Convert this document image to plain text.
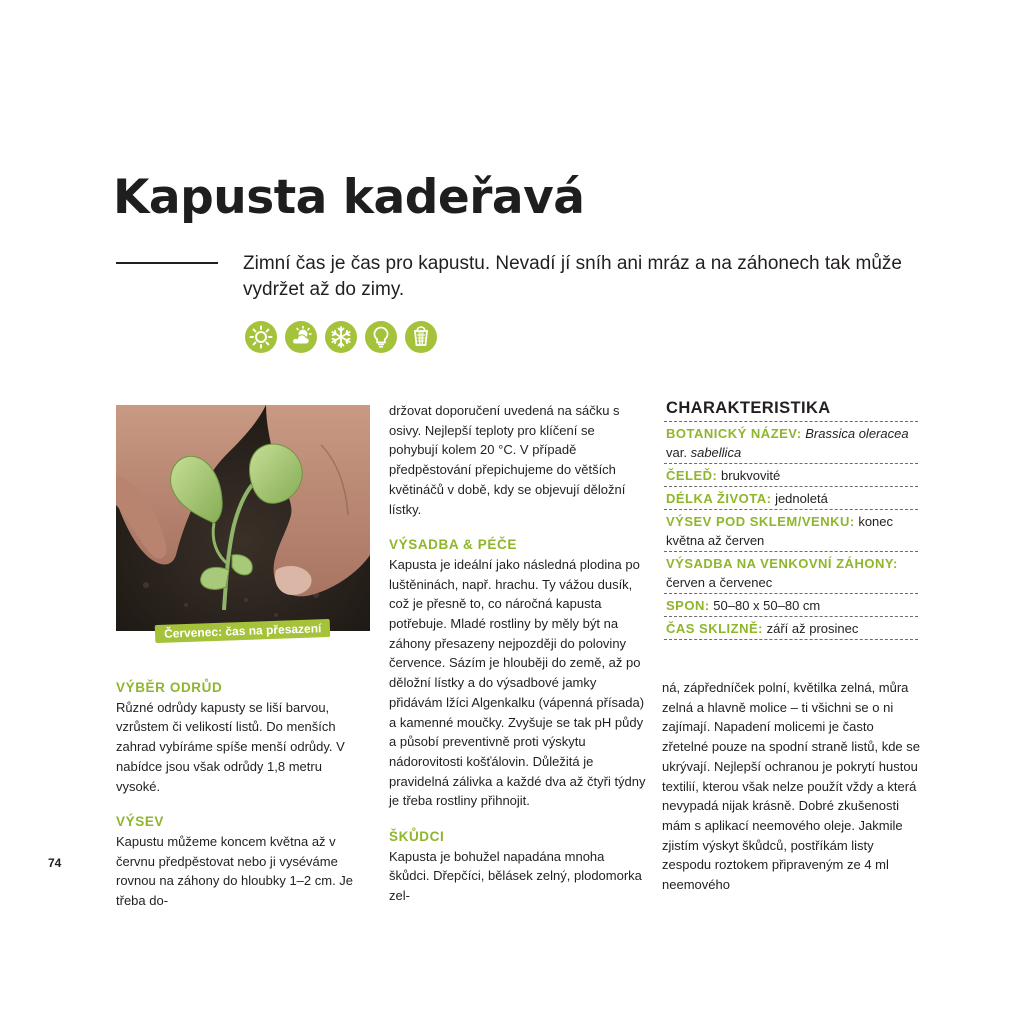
Kapusta kadeřavá

Zimní čas je čas pro kapustu. Nevadí jí sníh ani mráz a na záhonech tak může vydržet až do zimy.

Červenec: čas na přesazení

VÝBĚR ODRŮD

Různé odrůdy kapusty se liší barvou, vzrůstem či velikostí listů. Do menších zahrad vybíráme spíše menší odrůdy. V nabídce jsou však odrůdy 1,8 metru vysoké.

VÝSEV

Kapustu můžeme koncem května až v červnu předpěstovat nebo ji vyséváme rovnou na záhony do hloubky 1–2 cm. Je třeba do-

držovat doporučení uvedená na sáčku s osivy. Nejlepší teploty pro klíčení se pohybují kolem 20 °C. V případě předpěstování přepichujeme do větších květináčů v době, kdy se objevují děložní lístky.

VÝSADBA & PÉČE

Kapusta je ideální jako následná plodina po luštěninách, např. hrachu. Ty vážou dusík, což je přesně to, co náročná kapusta potřebuje. Mladé rostliny by měly být na záhony přesazeny nejpozději do poloviny července. Sázím je hlouběji do země, až po děložní lístky a do výsadbové jamky přidávám lžíci Algenkalku (vápenná přísada) a kamenné moučky. Zvyšuje se tak pH půdy a působí preventivně proti výskytu nádorovitosti košťálovin. Důležitá je pravidelná zálivka a každé dva až čtyři týdny je třeba rostliny přihnojit.

ŠKŮDCI

Kapusta je bohužel napadána mnoha škůdci. Dřepčíci, bělásek zelný, plodomorka zel-

ná, zápředníček polní, květilka zelná, můra zelná a hlavně molice – ti všichni se o ni zajímají. Napadení molicemi je často zřetelné pouze na spodní straně listů, kde se ukrývají. Nejlepší ochranou je pokrytí hustou textilií, kterou však nelze použít vždy a která nevypadá nijak krásně. Dobré zkušenosti mám s aplikací neemového oleje. Jakmile zjistím výskyt škůdců, postříkám listy zespodu roztokem připraveným ze 4 ml neemového

CHARAKTERISTIKA

BOTANICKÝ NÁZEV: Brassica oleracea var. sabellica
ČELEĎ: brukvovité
DÉLKA ŽIVOTA: jednoletá
VÝSEV POD SKLEM/VENKU: konec května až červen
VÝSADBA NA VENKOVNÍ ZÁHONY: červen a červenec
SPON: 50–80 x 50–80 cm
ČAS SKLIZNĚ: září až prosinec
74
